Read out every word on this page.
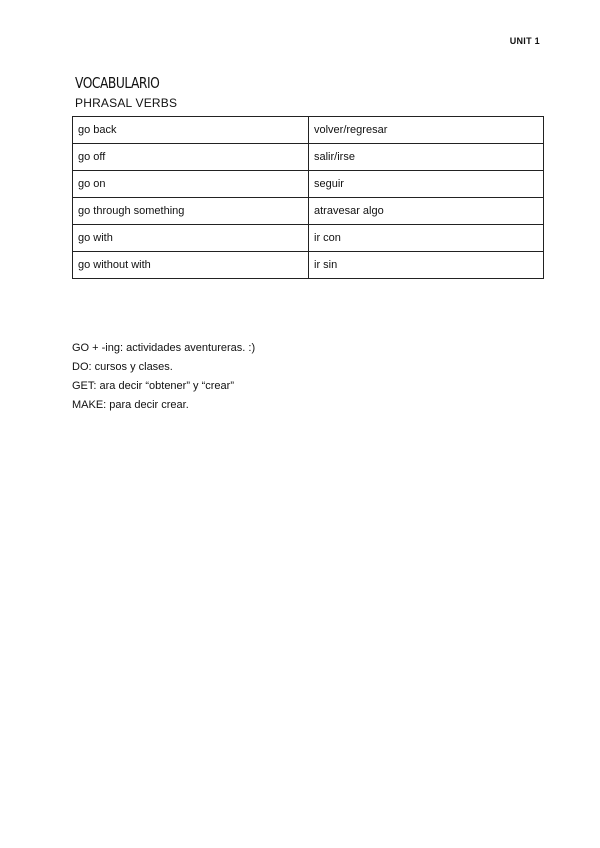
UNIT 1
VOCABULARIO
PHRASAL VERBS
go back	volver/regresar
go off	salir/irse
go on	seguir
go through something	atravesar algo
go with	ir con
go without with	ir sin

GO + -ing: actividades aventureras. :)

DO: cursos y clases.

GET: ara decir “obtener” y “crear”

MAKE: para decir crear.
